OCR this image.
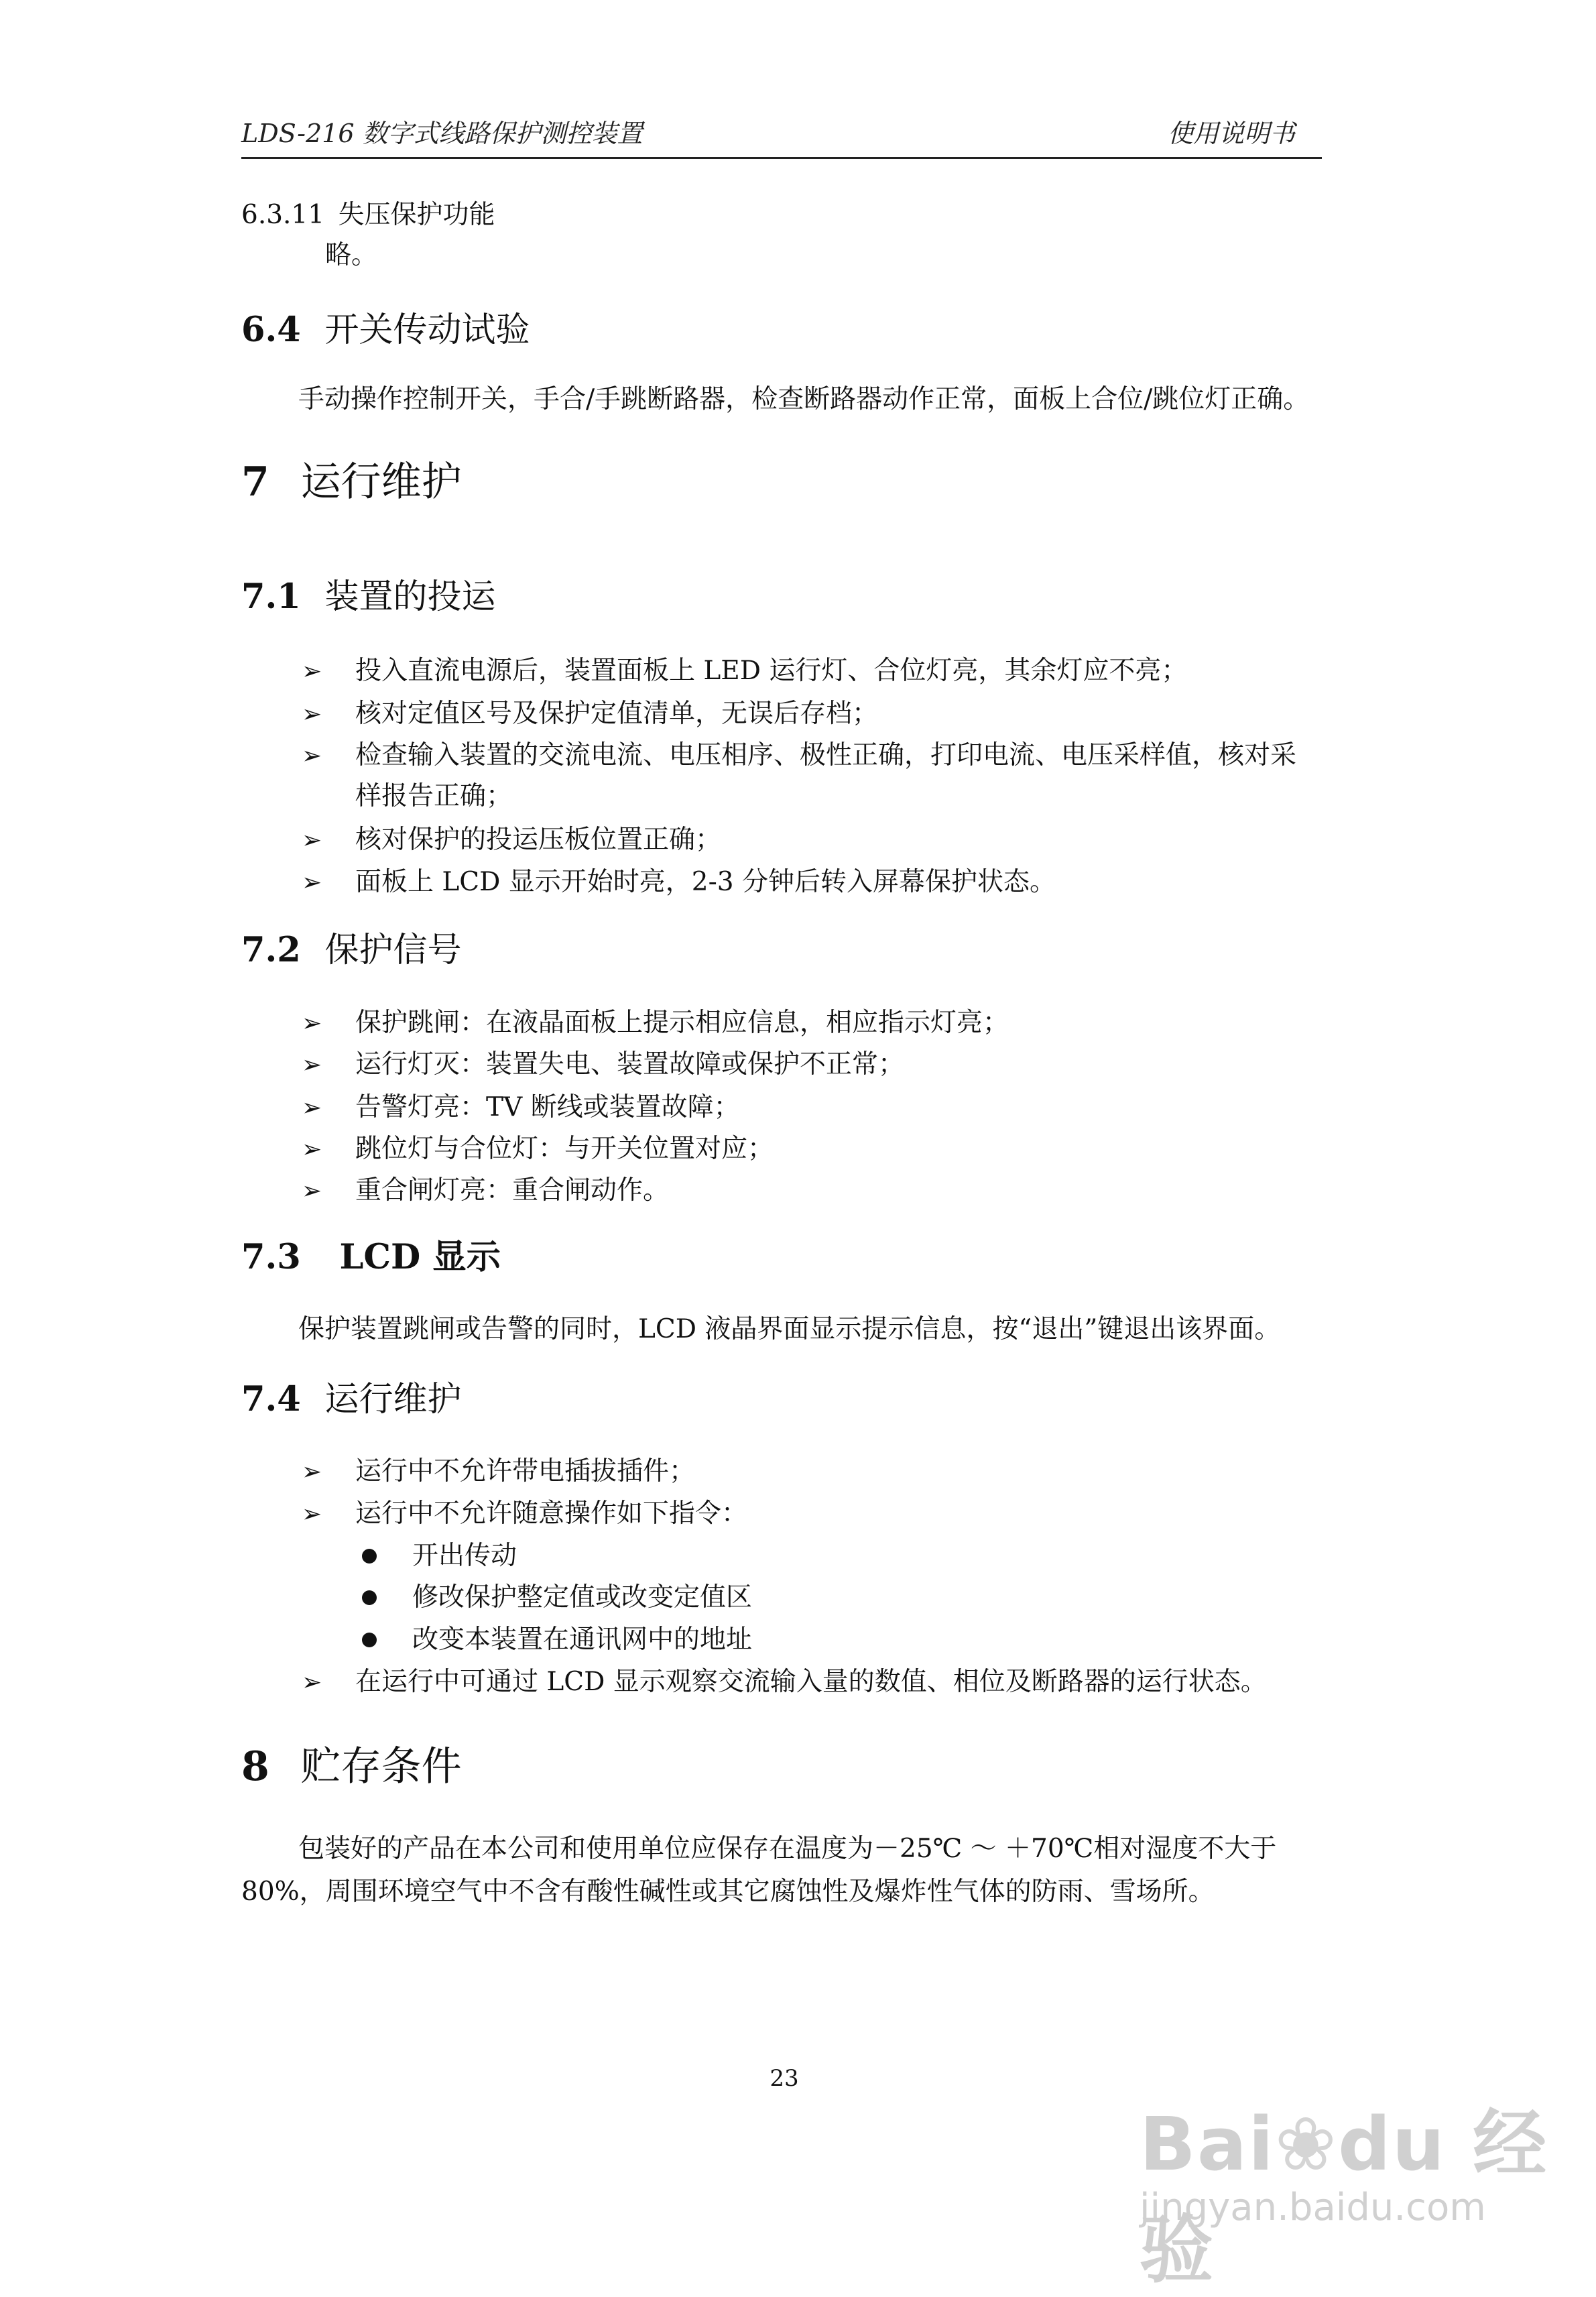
LDS-216 数字式线路保护测控装置	使用说明书
6.3.11 失压保护功能
略。
6.4 开关传动试验
手动操作控制开关，手合/手跳断路器，检查断路器动作正常，面板上合位/跳位灯正确。
7 运行维护
7.1 装置的投运
➢ 投入直流电源后，装置面板上 LED 运行灯、合位灯亮，其余灯应不亮；
➢ 核对定值区号及保护定值清单，无误后存档；
➢ 检查输入装置的交流电流、电压相序、极性正确，打印电流、电压采样值，核对采
样报告正确；
➢ 核对保护的投运压板位置正确；
➢ 面板上 LCD 显示开始时亮，2-3 分钟后转入屏幕保护状态。
7.2 保护信号
➢ 保护跳闸：在液晶面板上提示相应信息，相应指示灯亮；
➢ 运行灯灭：装置失电、装置故障或保护不正常；
➢ 告警灯亮：TV 断线或装置故障；
➢ 跳位灯与合位灯：与开关位置对应；
➢ 重合闸灯亮：重合闸动作。
7.3 LCD 显示
保护装置跳闸或告警的同时，LCD 液晶界面显示提示信息，按“退出”键退出该界面。
7.4 运行维护
➢ 运行中不允许带电插拔插件；
➢ 运行中不允许随意操作如下指令：
开出传动
修改保护整定值或改变定值区
改变本装置在通讯网中的地址
➢ 在运行中可通过 LCD 显示观察交流输入量的数值、相位及断路器的运行状态。
8 贮存条件
包装好的产品在本公司和使用单位应保存在温度为－25℃ ～ ＋70℃相对湿度不大于
80%，周围环境空气中不含有酸性碱性或其它腐蚀性及爆炸性气体的防雨、雪场所。
23
Bai❀du 经验
jingyan.baidu.com
